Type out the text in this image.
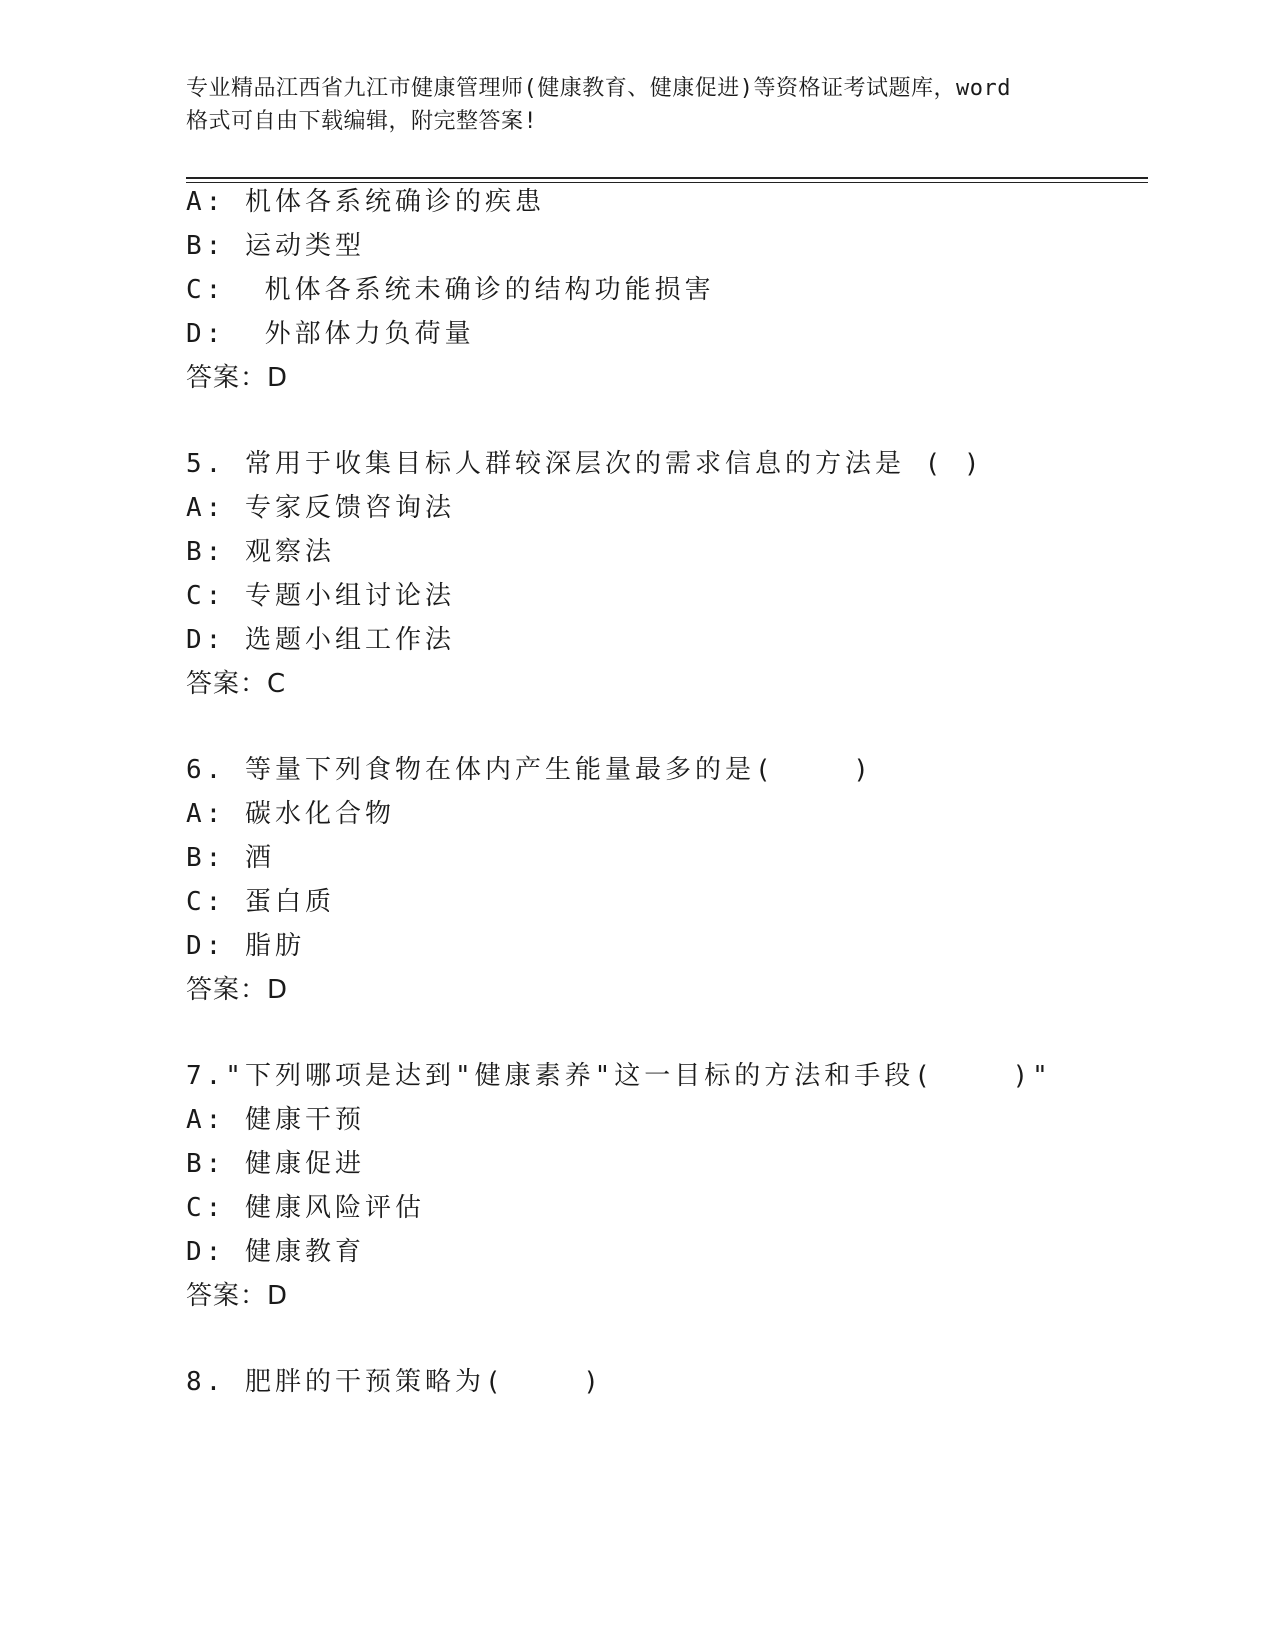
专业精品江西省九江市健康管理师(健康教育、健康促进)等资格证考试题库，word
格式可自由下载编辑，附完整答案!
A: 机体各系统确诊的疾患
B: 运动类型
C:  机体各系统未确诊的结构功能损害
D:  外部体力负荷量
答案：D
5. 常用于收集目标人群较深层次的需求信息的方法是 ( )
A: 专家反馈咨询法
B: 观察法
C: 专题小组讨论法
D: 选题小组工作法
答案：C
6. 等量下列食物在体内产生能量最多的是(    )
A: 碳水化合物
B: 酒
C: 蛋白质
D: 脂肪
答案：D
7."下列哪项是达到"健康素养"这一目标的方法和手段(    )"
A: 健康干预
B: 健康促进
C: 健康风险评估
D: 健康教育
答案：D
8. 肥胖的干预策略为(    )
